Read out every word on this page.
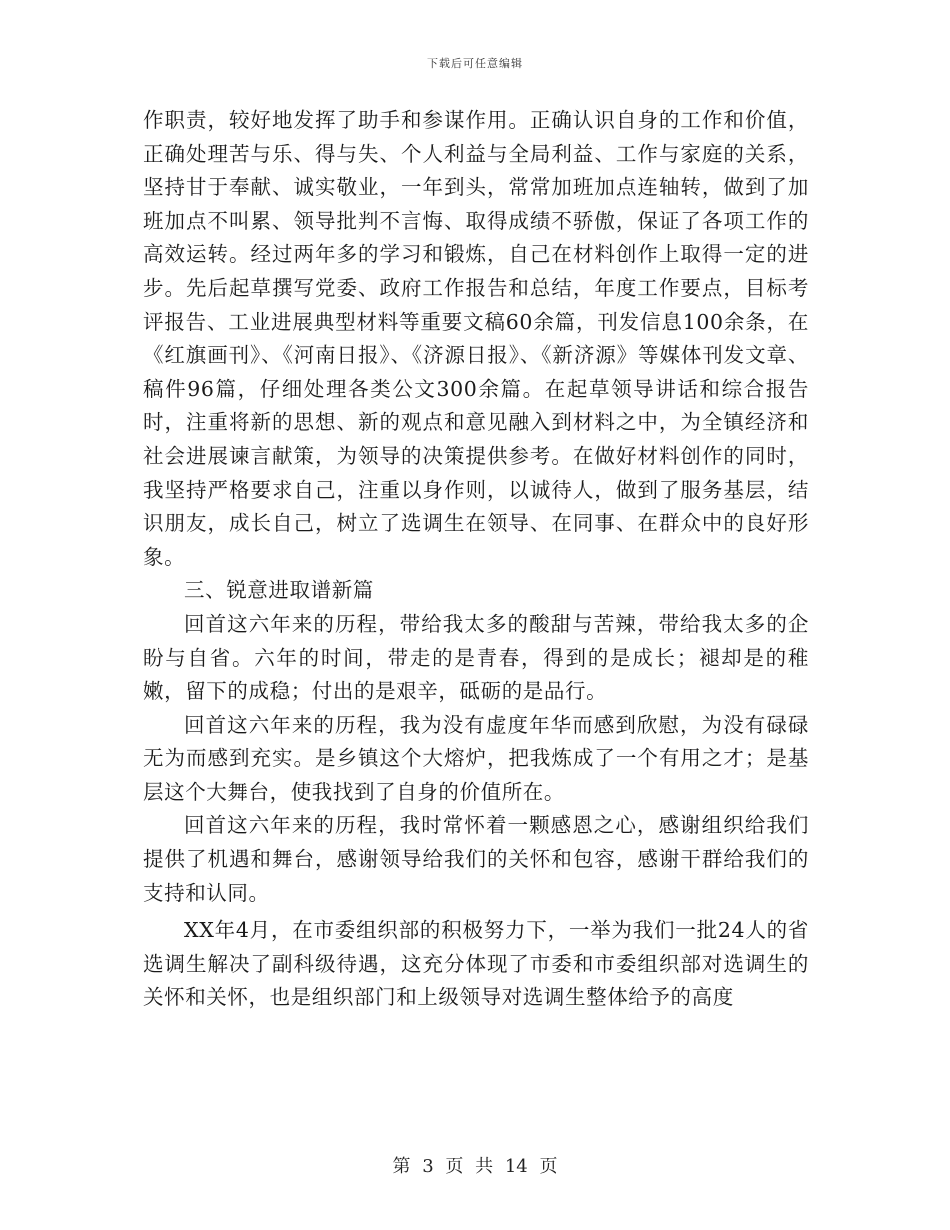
下载后可任意编辑

作职责，较好地发挥了助手和参谋作用。正确认识自身的工作和价值，正确处理苦与乐、得与失、个人利益与全局利益、工作与家庭的关系，坚持甘于奉献、诚实敬业，一年到头，常常加班加点连轴转，做到了加班加点不叫累、领导批判不言悔、取得成绩不骄傲，保证了各项工作的高效运转。经过两年多的学习和锻炼，自己在材料创作上取得一定的进步。先后起草撰写党委、政府工作报告和总结，年度工作要点，目标考评报告、工业进展典型材料等重要文稿60余篇，刊发信息100余条，在《红旗画刊》、《河南日报》、《济源日报》、《新济源》等媒体刊发文章、稿件96篇，仔细处理各类公文300余篇。在起草领导讲话和综合报告时，注重将新的思想、新的观点和意见融入到材料之中，为全镇经济和社会进展谏言献策，为领导的决策提供参考。在做好材料创作的同时，我坚持严格要求自己，注重以身作则，以诚待人，做到了服务基层，结识朋友，成长自己，树立了选调生在领导、在同事、在群众中的良好形象。

三、锐意进取谱新篇

回首这六年来的历程，带给我太多的酸甜与苦辣，带给我太多的企盼与自省。六年的时间，带走的是青春，得到的是成长；褪却是的稚嫩，留下的成稳；付出的是艰辛，砥砺的是品行。

回首这六年来的历程，我为没有虚度年华而感到欣慰，为没有碌碌无为而感到充实。是乡镇这个大熔炉，把我炼成了一个有用之才；是基层这个大舞台，使我找到了自身的价值所在。

回首这六年来的历程，我时常怀着一颗感恩之心，感谢组织给我们提供了机遇和舞台，感谢领导给我们的关怀和包容，感谢干群给我们的支持和认同。

XX年4月，在市委组织部的积极努力下，一举为我们一批24人的省选调生解决了副科级待遇，这充分体现了市委和市委组织部对选调生的关怀和关怀，也是组织部门和上级领导对选调生整体给予的高度

第 3 页 共 14 页
